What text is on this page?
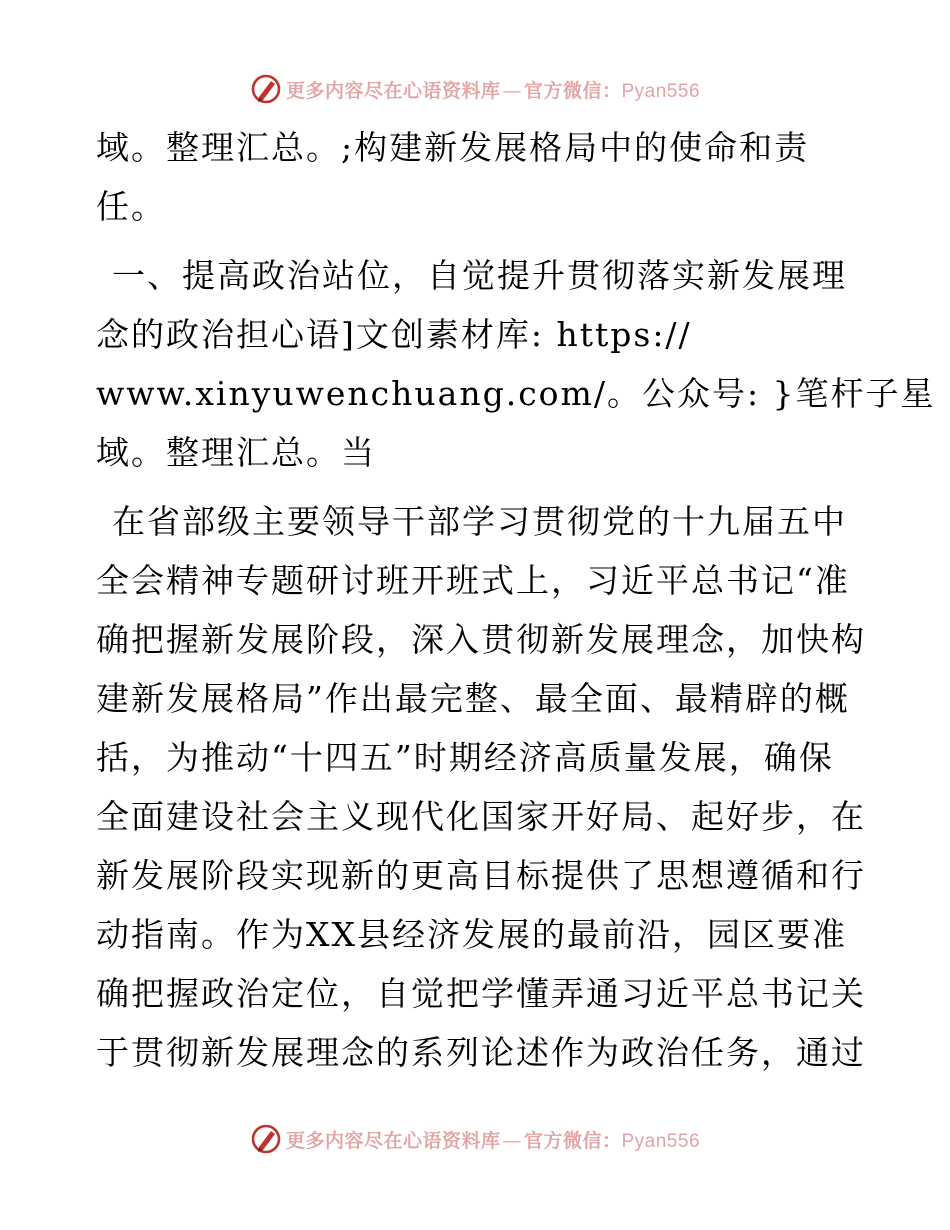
更多内容尽在心语资料库 — 官方微信：Pyan556

域。整理汇总。;构建新发展格局中的使命和责
任。

一、提高政治站位，自觉提升贯彻落实新发展理
念的政治担心语]文创素材库: https://
www.xinyuwenchuang.com/。公众号: }笔杆子星
域。整理汇总。当

在省部级主要领导干部学习贯彻党的十九届五中
全会精神专题研讨班开班式上，习近平总书记“准
确把握新发展阶段，深入贯彻新发展理念，加快构
建新发展格局”作出最完整、最全面、最精辟的概
括，为推动“十四五”时期经济高质量发展，确保
全面建设社会主义现代化国家开好局、起好步，在
新发展阶段实现新的更高目标提供了思想遵循和行
动指南。作为XX县经济发展的最前沿，园区要准
确把握政治定位，自觉把学懂弄通习近平总书记关
于贯彻新发展理念的系列论述作为政治任务，通过

更多内容尽在心语资料库 — 官方微信：Pyan556
